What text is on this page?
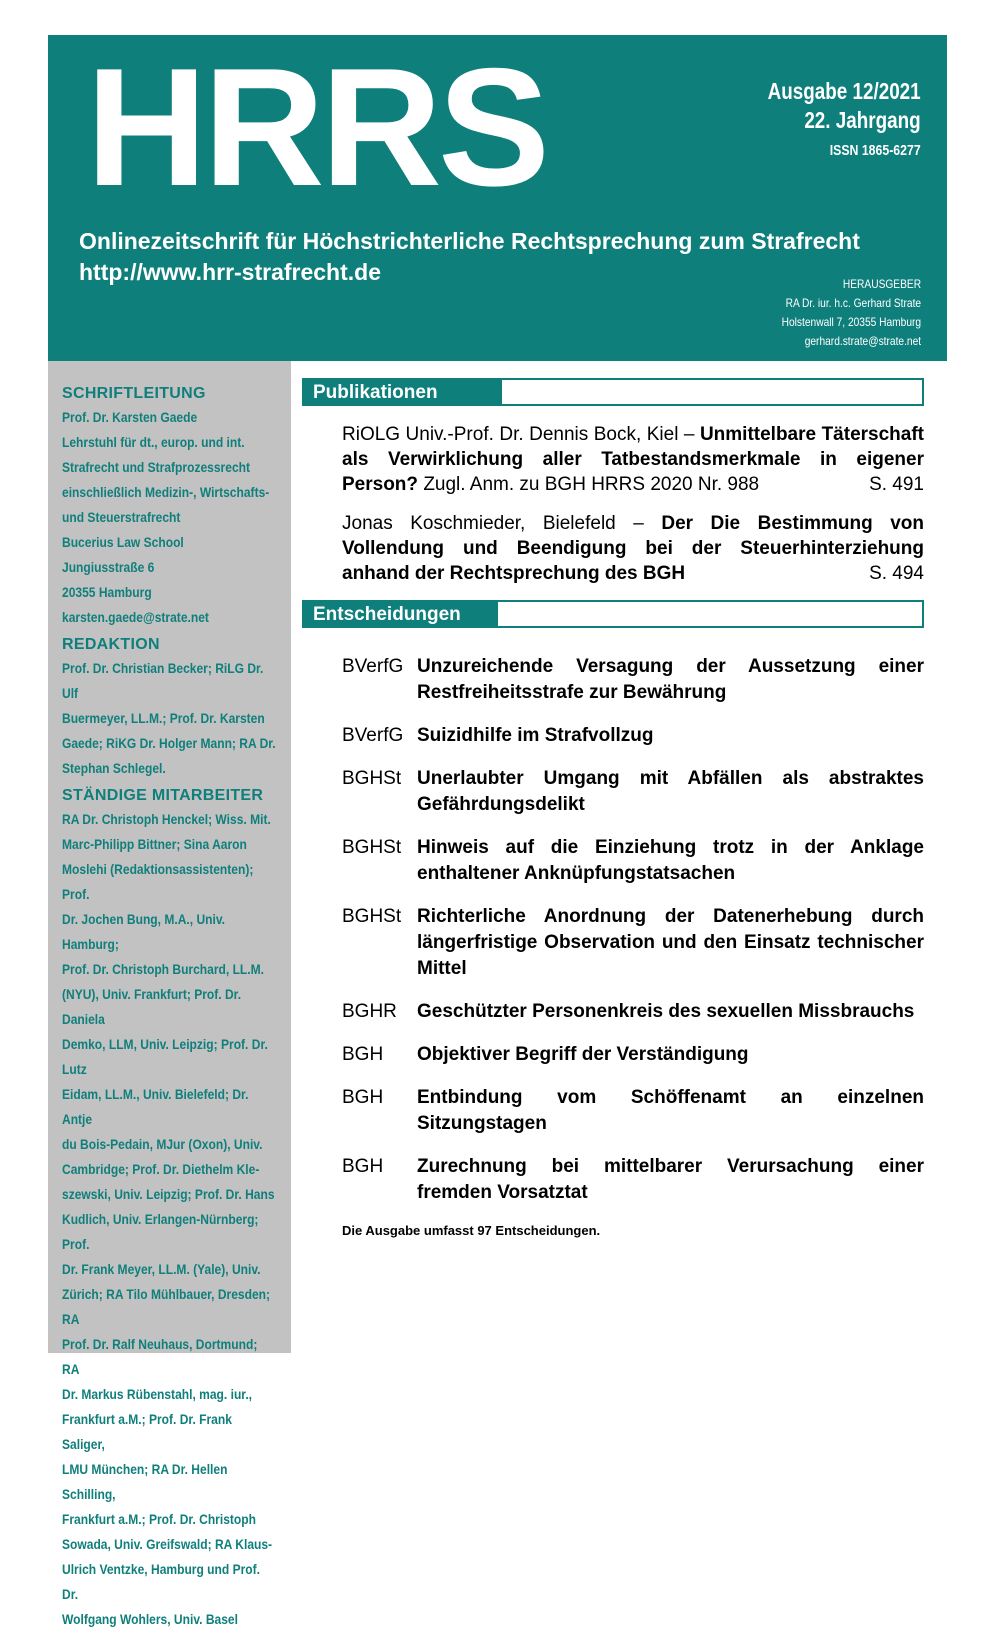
HRRS	Ausgabe 12/2021
22. Jahrgang
ISSN 1865-6277
Onlinezeitschrift für Höchstrichterliche Rechtsprechung zum Strafrecht
http://www.hrr-strafrecht.de	HERAUSGEBER
RA Dr. iur. h.c. Gerhard Strate
Holstenwall 7, 20355 Hamburg
gerhard.strate@strate.net
SCHRIFTLEITUNG
Prof. Dr. Karsten Gaede
Lehrstuhl für dt., europ. und int.
Strafrecht und Strafprozessrecht
einschließlich Medizin-, Wirtschafts-
und Steuerstrafrecht
Bucerius Law School
Jungiusstraße 6
20355 Hamburg
karsten.gaede@strate.net
REDAKTION
Prof. Dr. Christian Becker; RiLG Dr. Ulf
Buermeyer, LL.M.; Prof. Dr. Karsten
Gaede; RiKG Dr. Holger Mann; RA Dr.
Stephan Schlegel.
STÄNDIGE MITARBEITER
RA Dr. Christoph Henckel; Wiss. Mit.
Marc-Philipp Bittner; Sina Aaron
Moslehi (Redaktionsassistenten); Prof.
Dr. Jochen Bung, M.A., Univ. Hamburg;
Prof. Dr. Christoph Burchard, LL.M.
(NYU), Univ. Frankfurt; Prof. Dr. Daniela
Demko, LLM, Univ. Leipzig; Prof. Dr. Lutz
Eidam, LL.M., Univ. Bielefeld; Dr. Antje
du Bois-Pedain, MJur (Oxon), Univ.
Cambridge; Prof. Dr. Diethelm Kle-
szewski, Univ. Leipzig; Prof. Dr. Hans
Kudlich, Univ. Erlangen-Nürnberg; Prof.
Dr. Frank Meyer, LL.M. (Yale), Univ.
Zürich; RA Tilo Mühlbauer, Dresden; RA
Prof. Dr. Ralf Neuhaus, Dortmund; RA
Dr. Markus Rübenstahl, mag. iur.,
Frankfurt a.M.; Prof. Dr. Frank Saliger,
LMU München; RA Dr. Hellen Schilling,
Frankfurt a.M.; Prof. Dr. Christoph
Sowada, Univ. Greifswald; RA Klaus-
Ulrich Ventzke, Hamburg und Prof. Dr.
Wolfgang Wohlers, Univ. Basel
Publikationen
RiOLG Univ.-Prof. Dr. Dennis Bock, Kiel – Unmittelbare Täterschaft als Verwirklichung aller Tatbestandsmerkmale in eigener Person? Zugl. Anm. zu BGH HRRS 2020 Nr. 988	S. 491
Jonas Koschmieder, Bielefeld – Der Die Bestimmung von Vollendung und Beendigung bei der Steuerhinterziehung anhand der Rechtsprechung des BGH	S. 494
Entscheidungen
BVerfG Unzureichende Versagung der Aussetzung einer Restfreiheitsstrafe zur Bewährung
BVerfG Suizidhilfe im Strafvollzug
BGHSt Unerlaubter Umgang mit Abfällen als abstraktes Gefährdungsdelikt
BGHSt Hinweis auf die Einziehung trotz in der Anklage enthaltener Anknüpfungstatsachen
BGHSt Richterliche Anordnung der Datenerhebung durch längerfristige Observation und den Einsatz technischer Mittel
BGHR	Geschützter Personenkreis des sexuellen Missbrauchs
BGH	Objektiver Begriff der Verständigung
BGH	Entbindung vom Schöffenamt an einzelnen Sitzungstagen
BGH	Zurechnung bei mittelbarer Verursachung einer fremden Vorsatztat
Die Ausgabe umfasst 97 Entscheidungen.
